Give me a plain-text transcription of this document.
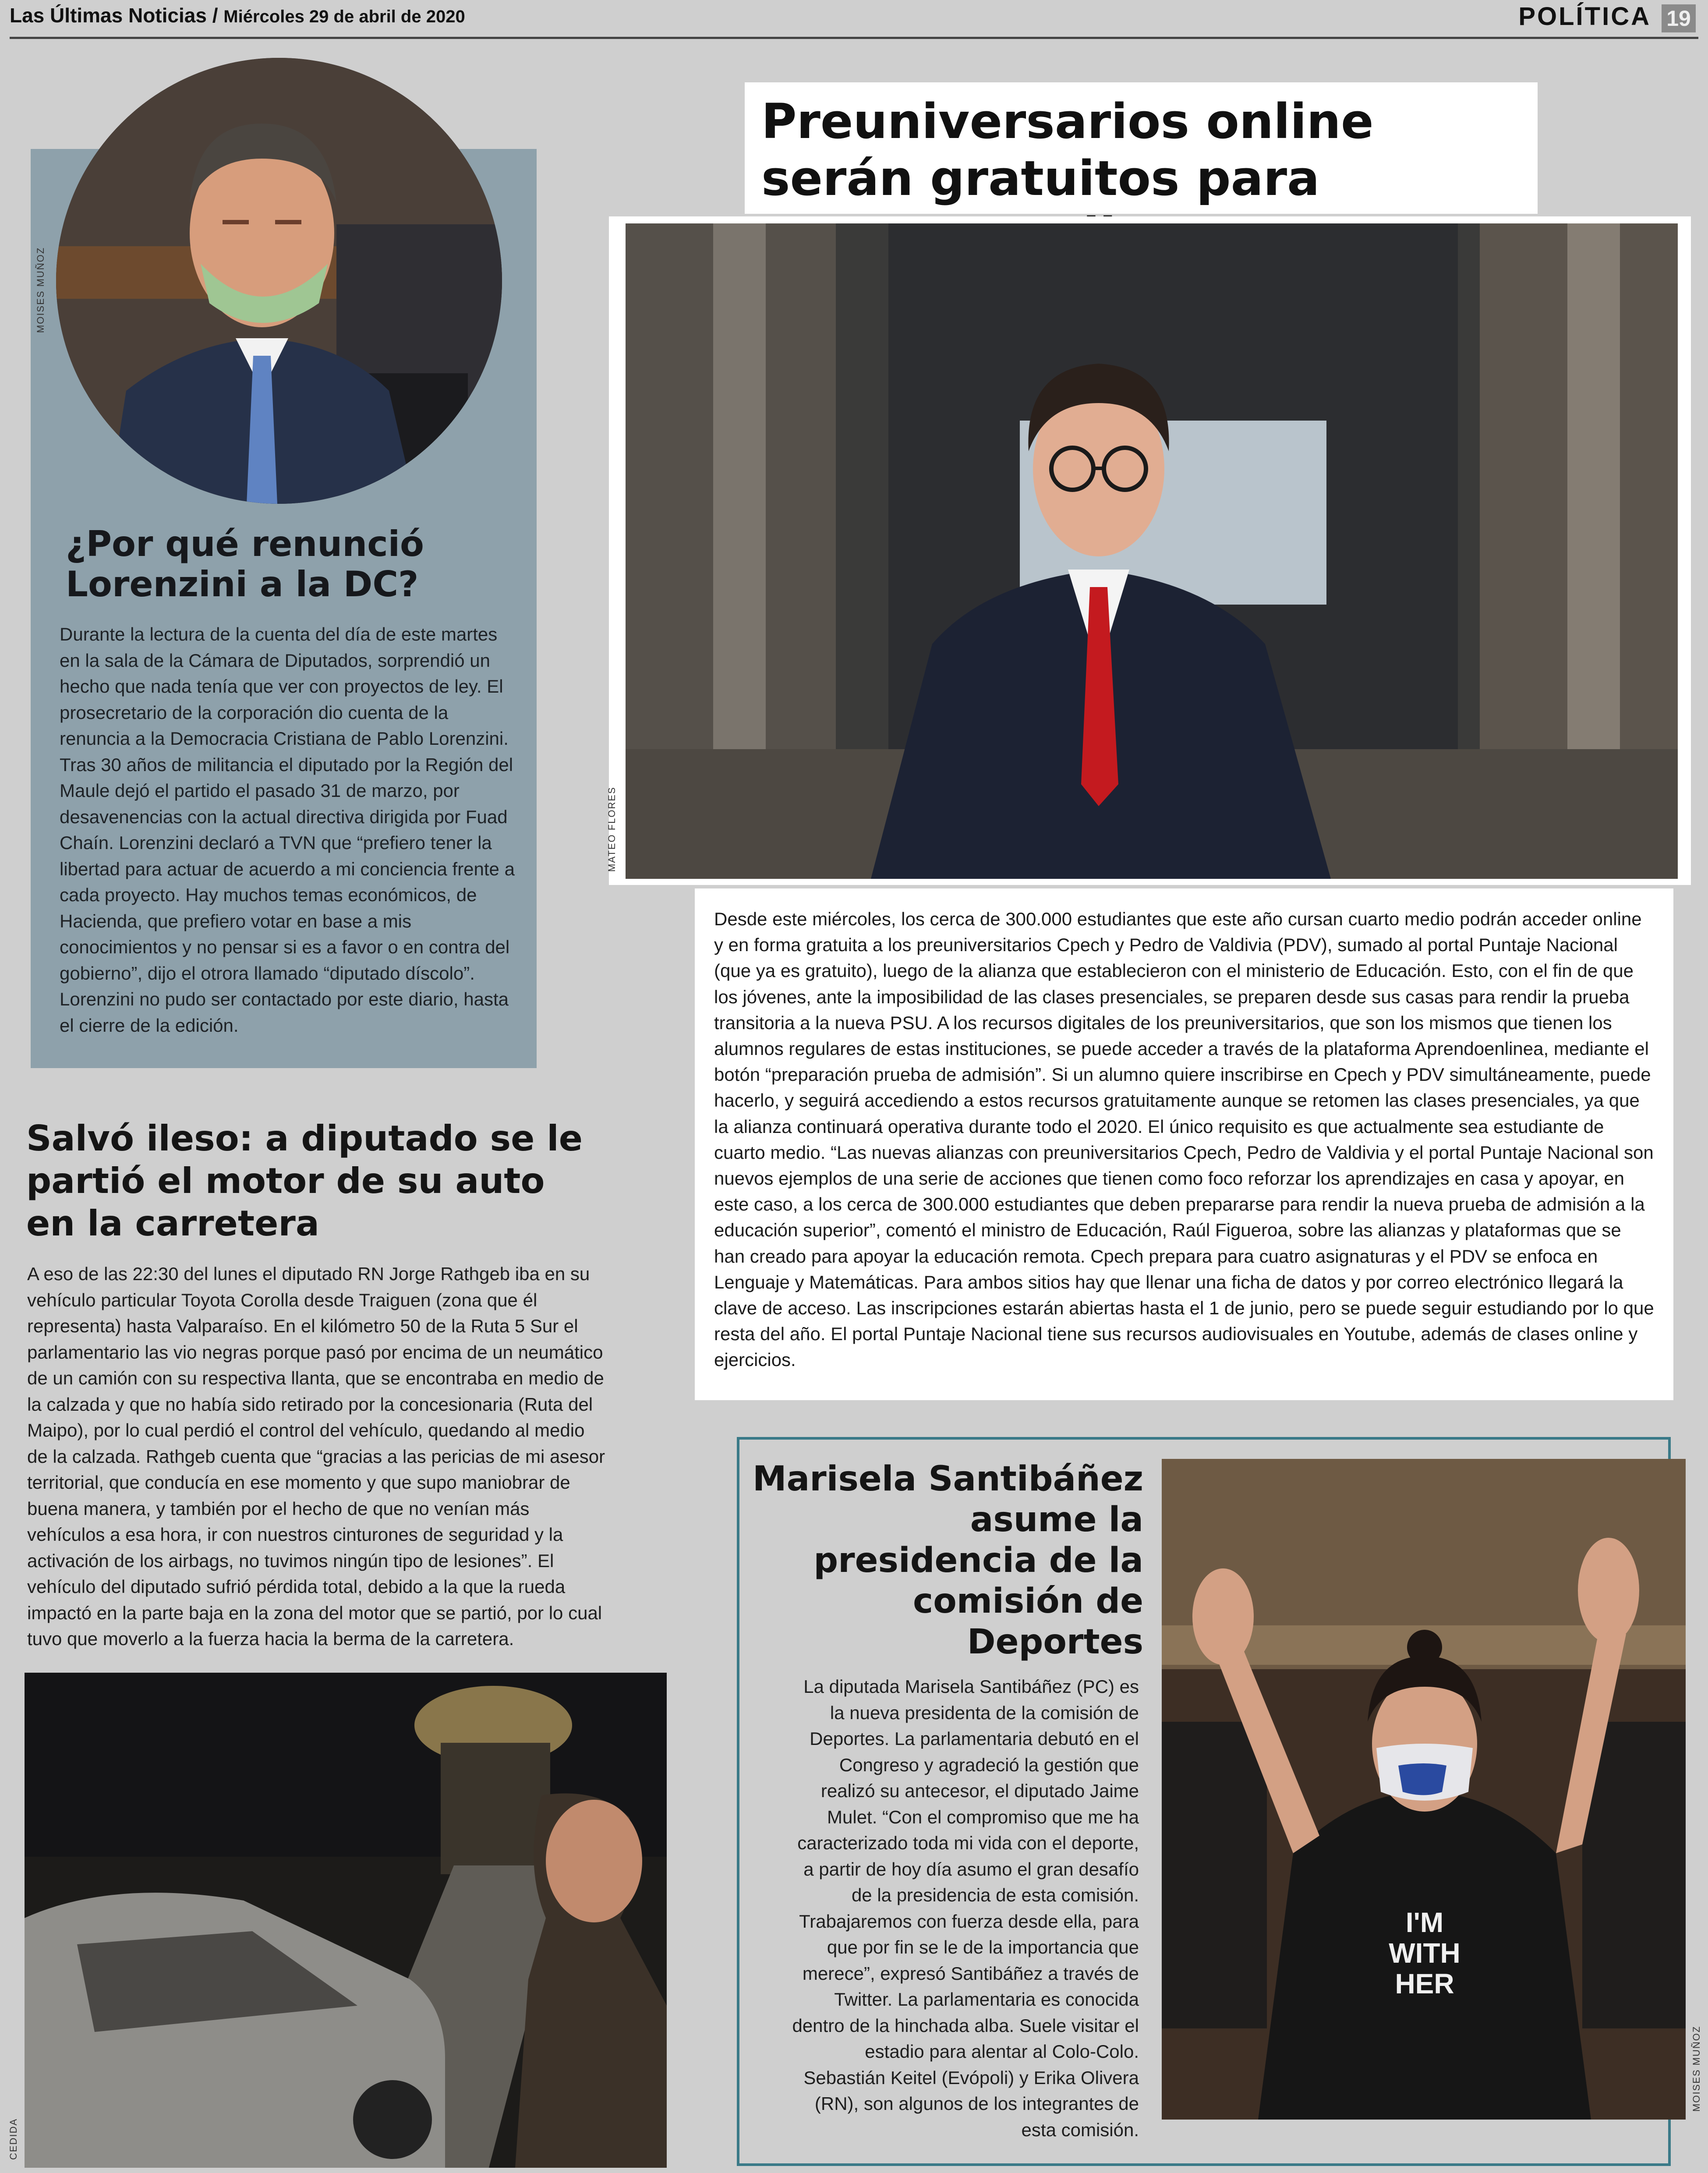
Las Últimas Noticias / Miércoles 29 de abril de 2020	POLÍTICA 19
MOISES MUÑOZ
¿Por qué renunció Lorenzini a la DC?

Durante la lectura de la cuenta del día de este martes en la sala de la Cámara de Diputados, sorprendió un hecho que nada tenía que ver con proyectos de ley. El prosecretario de la corporación dio cuenta de la renuncia a la Democracia Cristiana de Pablo Lorenzini. Tras 30 años de militancia el diputado por la Región del Maule dejó el partido el pasado 31 de marzo, por desavenencias con la actual directiva dirigida por Fuad Chaín. Lorenzini declaró a TVN que “prefiero tener la libertad para actuar de acuerdo a mi conciencia frente a cada proyecto. Hay muchos temas económicos, de Hacienda, que prefiero votar en base a mis conocimientos y no pensar si es a favor o en contra del gobierno”, dijo el otrora llamado “diputado díscolo”. Lorenzini no pudo ser contactado por este diario, hasta el cierre de la edición.

Preuniversarios online serán gratuitos para
MATEO FLORES

Desde este miércoles, los cerca de 300.000 estudiantes que este año cursan cuarto medio podrán acceder online y en forma gratuita a los preuniversitarios Cpech y Pedro de Valdivia (PDV), sumado al portal Puntaje Nacional (que ya es gratuito), luego de la alianza que establecieron con el ministerio de Educación. Esto, con el fin de que los jóvenes, ante la imposibilidad de las clases presenciales, se preparen desde sus casas para rendir la prueba transitoria a la nueva PSU. A los recursos digitales de los preuniversitarios, que son los mismos que tienen los alumnos regulares de estas instituciones, se puede acceder a través de la plataforma Aprendoenlinea, mediante el botón “preparación prueba de admisión”. Si un alumno quiere inscribirse en Cpech y PDV simultáneamente, puede hacerlo, y seguirá accediendo a estos recursos gratuitamente aunque se retomen las clases presenciales, ya que la alianza continuará operativa durante todo el 2020. El único requisito es que actualmente sea estudiante de cuarto medio. “Las nuevas alianzas con preuniversitarios Cpech, Pedro de Valdivia y el portal Puntaje Nacional son nuevos ejemplos de una serie de acciones que tienen como foco reforzar los aprendizajes en casa y apoyar, en este caso, a los cerca de 300.000 estudiantes que deben prepararse para rendir la nueva prueba de admisión a la educación superior”, comentó el ministro de Educación, Raúl Figueroa, sobre las alianzas y plataformas que se han creado para apoyar la educación remota. Cpech prepara para cuatro asignaturas y el PDV se enfoca en Lenguaje y Matemáticas. Para ambos sitios hay que llenar una ficha de datos y por correo electrónico llegará la clave de acceso. Las inscripciones estarán abiertas hasta el 1 de junio, pero se puede seguir estudiando por lo que resta del año. El portal Puntaje Nacional tiene sus recursos audiovisuales en Youtube, además de clases online y ejercicios.

Salvó ileso: a diputado se le partió el motor de su auto en la carretera

A eso de las 22:30 del lunes el diputado RN Jorge Rathgeb iba en su vehículo particular Toyota Corolla desde Traiguen (zona que él representa) hasta Valparaíso. En el kilómetro 50 de la Ruta 5 Sur el parlamentario las vio negras porque pasó por encima de un neumático de un camión con su respectiva llanta, que se encontraba en medio de la calzada y que no había sido retirado por la concesionaria (Ruta del Maipo), por lo cual perdió el control del vehículo, quedando al medio de la calzada. Rathgeb cuenta que “gracias a las pericias de mi asesor territorial, que conducía en ese momento y que supo maniobrar de buena manera, y también por el hecho de que no venían más vehículos a esa hora, ir con nuestros cinturones de seguridad y la activación de los airbags, no tuvimos ningún tipo de lesiones”. El vehículo del diputado sufrió pérdida total, debido a la que la rueda impactó en la parte baja en la zona del motor que se partió, por lo cual tuvo que moverlo a la fuerza hacia la berma de la carretera.

CEDIDA
Marisela Santibáñez asume la presidencia de la comisión de Deportes

La diputada Marisela Santibáñez (PC) es la nueva presidenta de la comisión de Deportes. La parlamentaria debutó en el Congreso y agradeció la gestión que realizó su antecesor, el diputado Jaime Mulet. “Con el compromiso que me ha caracterizado toda mi vida con el deporte, a partir de hoy día asumo el gran desafío de la presidencia de esta comisión. Trabajaremos con fuerza desde ella, para que por fin se le de la importancia que merece”, expresó Santibáñez a través de Twitter. La parlamentaria es conocida dentro de la hinchada alba. Suele visitar el estadio para alentar al Colo-Colo. Sebastián Keitel (Evópoli) y Erika Olivera (RN), son algunos de los integrantes de esta comisión.

I'M
WITH
HER
MOISES MUÑOZ
